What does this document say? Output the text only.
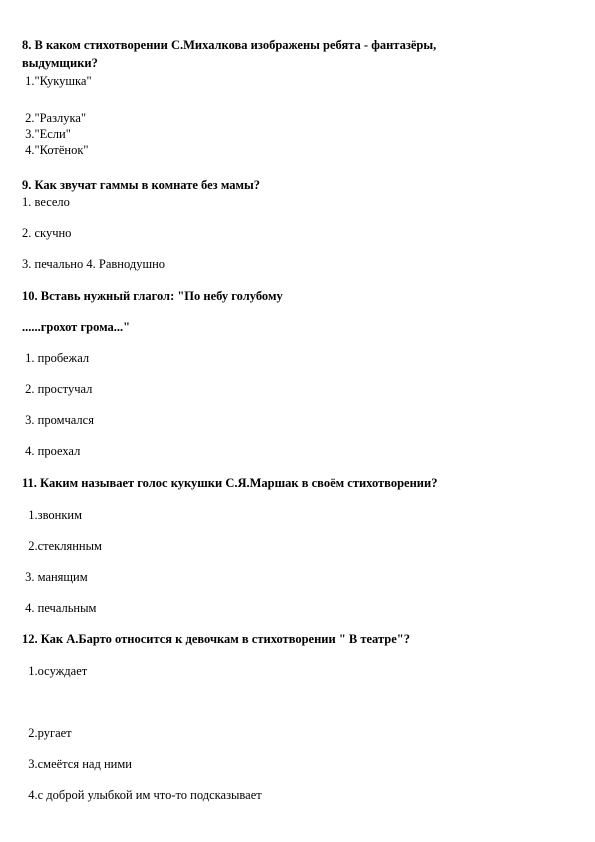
8. В каком стихотворении С.Михалкова изображены ребята - фантазёры,
выдумщики?
1."Кукушка"
2."Разлука"
3."Если"
4."Котёнок"
9. Как звучат гаммы в комнате без мамы?
1. весело
2. скучно
3. печально 4. Равнодушно
10. Вставь нужный глагол: "По небу голубому
......грохот грома..."
1. пробежал
2. простучал
3. промчался
4. проехал
11. Каким называет голос кукушки С.Я.Маршак в своём стихотворении?
1.звонким
2.стеклянным
3. манящим
4. печальным
12. Как А.Барто относится к девочкам в стихотворении " В театре"?
1.осуждает
2.ругает
3.смеётся над ними
4.с доброй улыбкой им что-то подсказывает
